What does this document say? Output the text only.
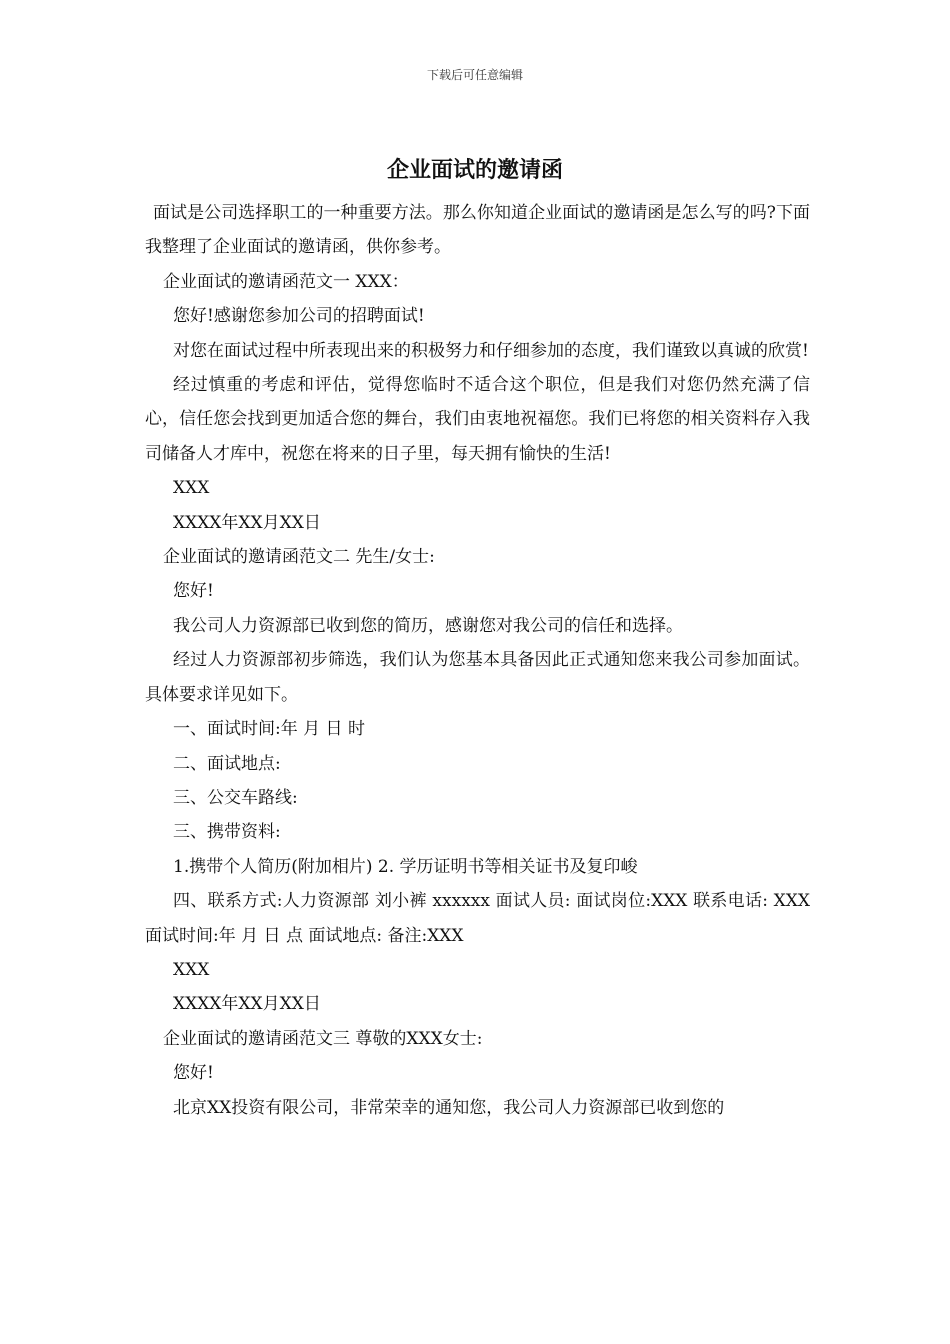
下载后可任意编辑
企业面试的邀请函

面试是公司选择职工的一种重要方法。那么你知道企业面试的邀请函是怎么写的吗?下面我整理了企业面试的邀请函，供你参考。

企业面试的邀请函范文一 XXX：

您好!感谢您参加公司的招聘面试!

对您在面试过程中所表现出来的积极努力和仔细参加的态度，我们谨致以真诚的欣赏!

经过慎重的考虑和评估，觉得您临时不适合这个职位，但是我们对您仍然充满了信心，信任您会找到更加适合您的舞台，我们由衷地祝福您。我们已将您的相关资料存入我司储备人才库中，祝您在将来的日子里，每天拥有愉快的生活!

XXX

XXXX年XX月XX日

企业面试的邀请函范文二 先生/女士:

您好!

我公司人力资源部已收到您的简历，感谢您对我公司的信任和选择。

经过人力资源部初步筛选，我们认为您基本具备因此正式通知您来我公司参加面试。具体要求详见如下。

一、面试时间:年 月 日 时

二、面试地点:

三、公交车路线:

三、携带资料:

1.携带个人简历(附加相片) 2. 学历证明书等相关证书及复印峻

四、联系方式:人力资源部 刘小裤 xxxxxx 面试人员: 面试岗位:XXX 联系电话: XXX面试时间:年 月 日 点 面试地点: 备注:XXX

XXX

XXXX年XX月XX日

企业面试的邀请函范文三 尊敬的XXX女士:

您好!

北京XX投资有限公司，非常荣幸的通知您，我公司人力资源部已收到您的
